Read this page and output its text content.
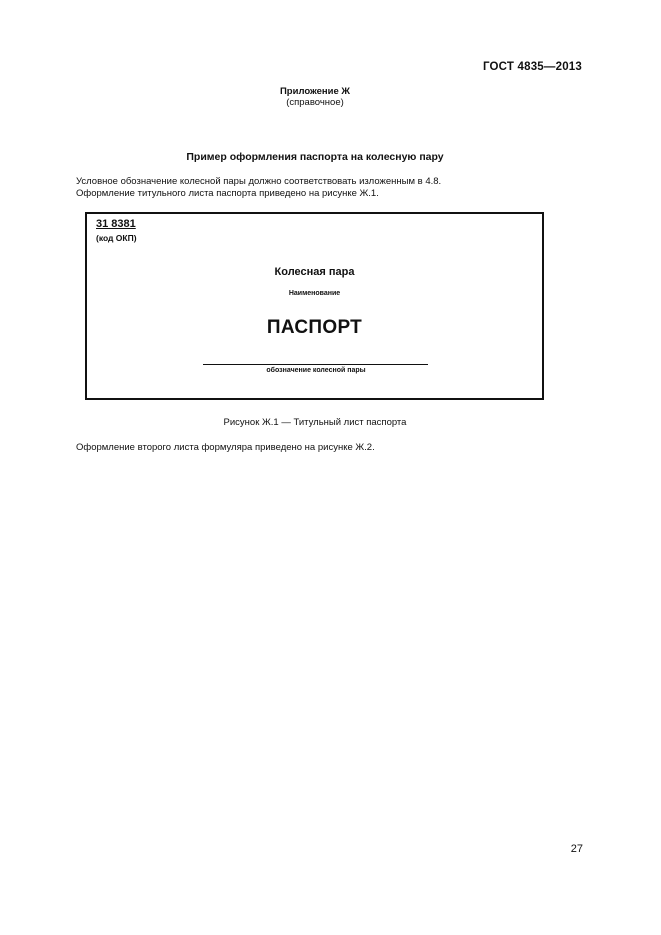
ГОСТ 4835—2013
Приложение Ж
(справочное)
Пример оформления паспорта на колесную пару
Условное обозначение колесной пары должно соответствовать изложенным в 4.8.
Оформление титульного листа паспорта приведено на рисунке Ж.1.
31 8381
(код ОКП)
Колесная пара
Наименование
ПАСПОРТ
обозначение колесной пары
Рисунок Ж.1 — Титульный лист паспорта
Оформление второго листа формуляра приведено на рисунке Ж.2.
27
